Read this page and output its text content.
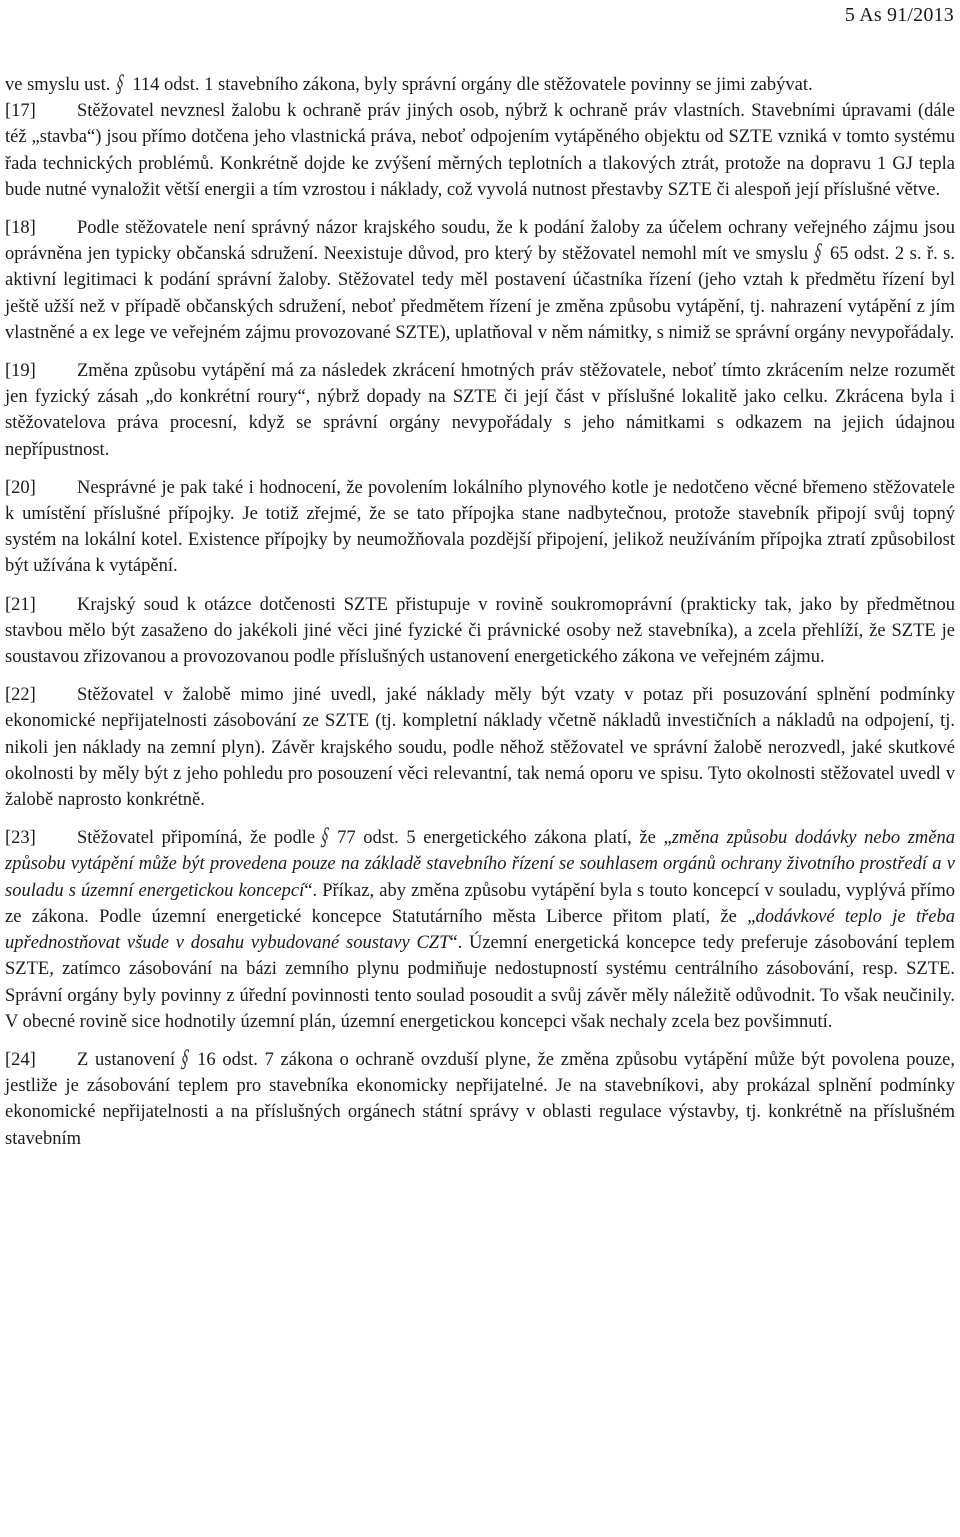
5 As 91/2013

ve smyslu ust. § 114 odst. 1 stavebního zákona, byly správní orgány dle stěžovatele povinny se jimi zabývat.

[17] Stěžovatel nevznesl žalobu k ochraně práv jiných osob, nýbrž k ochraně práv vlastních. Stavebními úpravami (dále též „stavba“) jsou přímo dotčena jeho vlastnická práva, neboť odpojením vytápěného objektu od SZTE vzniká v tomto systému řada technických problémů. Konkrétně dojde ke zvýšení měrných teplotních a tlakových ztrát, protože na dopravu 1 GJ tepla bude nutné vynaložit větší energii a tím vzrostou i náklady, což vyvolá nutnost přestavby SZTE či alespoň její příslušné větve.

[18] Podle stěžovatele není správný názor krajského soudu, že k podání žaloby za účelem ochrany veřejného zájmu jsou oprávněna jen typicky občanská sdružení. Neexistuje důvod, pro který by stěžovatel nemohl mít ve smyslu § 65 odst. 2 s. ř. s. aktivní legitimaci k podání správní žaloby. Stěžovatel tedy měl postavení účastníka řízení (jeho vztah k předmětu řízení byl ještě užší než v případě občanských sdružení, neboť předmětem řízení je změna způsobu vytápění, tj. nahrazení vytápění z jím vlastněné a ex lege ve veřejném zájmu provozované SZTE), uplatňoval v něm námitky, s nimiž se správní orgány nevypořádaly.

[19] Změna způsobu vytápění má za následek zkrácení hmotných práv stěžovatele, neboť tímto zkrácením nelze rozumět jen fyzický zásah „do konkrétní roury“, nýbrž dopady na SZTE či její část v příslušné lokalitě jako celku. Zkrácena byla i stěžovatelova práva procesní, když se správní orgány nevypořádaly s jeho námitkami s odkazem na jejich údajnou nepřípustnost.

[20] Nesprávné je pak také i hodnocení, že povolením lokálního plynového kotle je nedotčeno věcné břemeno stěžovatele k umístění příslušné přípojky. Je totiž zřejmé, že se tato přípojka stane nadbytečnou, protože stavebník připojí svůj topný systém na lokální kotel. Existence přípojky by neumožňovala pozdější připojení, jelikož neužíváním přípojka ztratí způsobilost být užívána k vytápění.

[21] Krajský soud k otázce dotčenosti SZTE přistupuje v rovině soukromoprávní (prakticky tak, jako by předmětnou stavbou mělo být zasaženo do jakékoli jiné věci jiné fyzické či právnické osoby než stavebníka), a zcela přehlíží, že SZTE je soustavou zřizovanou a provozovanou podle příslušných ustanovení energetického zákona ve veřejném zájmu.

[22] Stěžovatel v žalobě mimo jiné uvedl, jaké náklady měly být vzaty v potaz při posuzování splnění podmínky ekonomické nepřijatelnosti zásobování ze SZTE (tj. kompletní náklady včetně nákladů investičních a nákladů na odpojení, tj. nikoli jen náklady na zemní plyn). Závěr krajského soudu, podle něhož stěžovatel ve správní žalobě nerozvedl, jaké skutkové okolnosti by měly být z jeho pohledu pro posouzení věci relevantní, tak nemá oporu ve spisu. Tyto okolnosti stěžovatel uvedl v žalobě naprosto konkrétně.

[23] Stěžovatel připomíná, že podle § 77 odst. 5 energetického zákona platí, že „změna způsobu dodávky nebo změna způsobu vytápění může být provedena pouze na základě stavebního řízení se souhlasem orgánů ochrany životního prostředí a v souladu s územní energetickou koncepcí“. Příkaz, aby změna způsobu vytápění byla s touto koncepcí v souladu, vyplývá přímo ze zákona. Podle územní energetické koncepce Statutárního města Liberce přitom platí, že „dodávkové teplo je třeba upřednostňovat všude v dosahu vybudované soustavy CZT“. Územní energetická koncepce tedy preferuje zásobování teplem SZTE, zatímco zásobování na bázi zemního plynu podmiňuje nedostupností systému centrálního zásobování, resp. SZTE. Správní orgány byly povinny z úřední povinnosti tento soulad posoudit a svůj závěr měly náležitě odůvodnit. To však neučinily. V obecné rovině sice hodnotily územní plán, územní energetickou koncepci však nechaly zcela bez povšimnutí.

[24] Z ustanovení § 16 odst. 7 zákona o ochraně ovzduší plyne, že změna způsobu vytápění může být povolena pouze, jestliže je zásobování teplem pro stavebníka ekonomicky nepřijatelné. Je na stavebníkovi, aby prokázal splnění podmínky ekonomické nepřijatelnosti a na příslušných orgánech státní správy v oblasti regulace výstavby, tj. konkrétně na příslušném stavebním
